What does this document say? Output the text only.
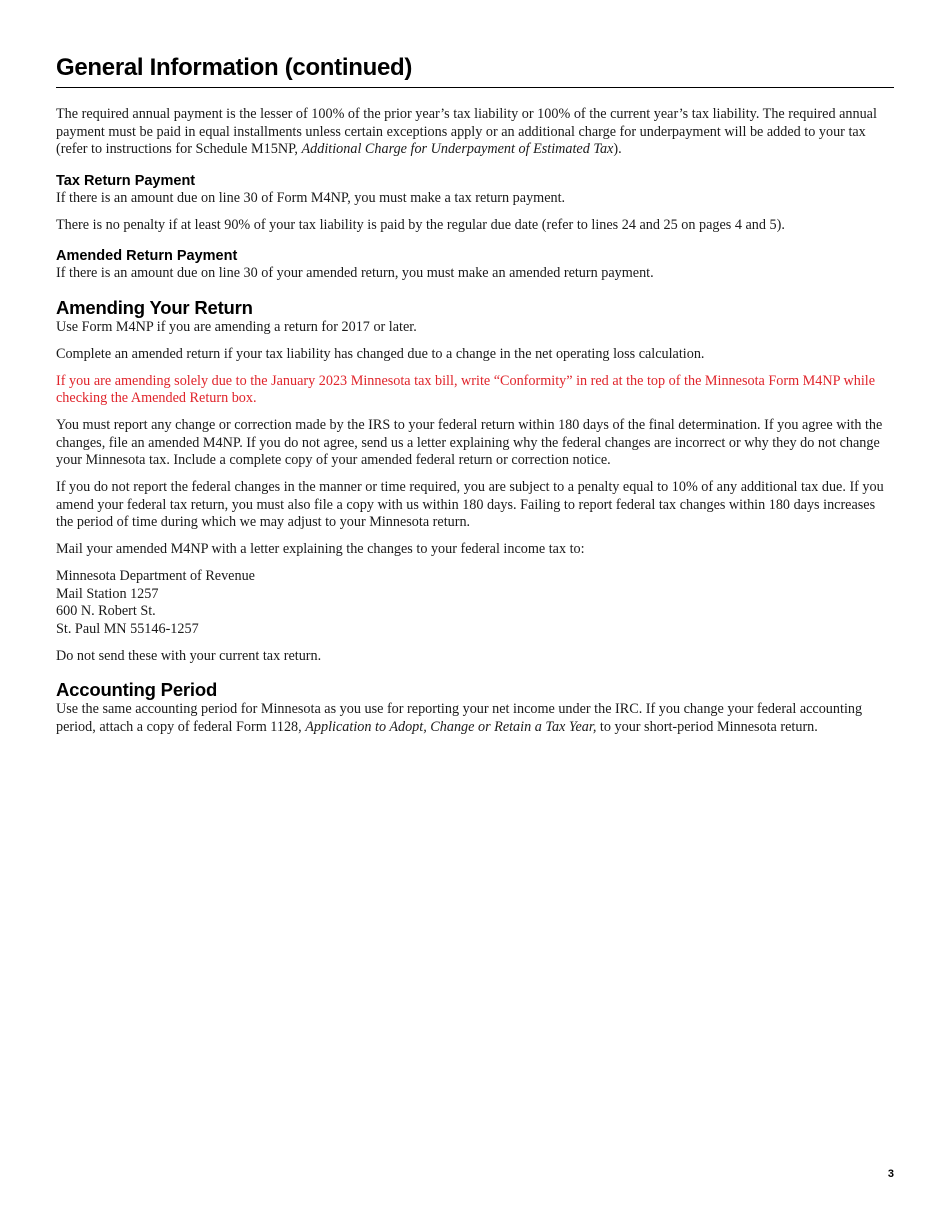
General Information (continued)

The required annual payment is the lesser of 100% of the prior year’s tax liability or 100% of the current year’s tax liability. The required annual payment must be paid in equal installments unless certain exceptions apply or an additional charge for underpayment will be added to your tax (refer to instructions for Schedule M15NP, Additional Charge for Underpayment of Estimated Tax).

Tax Return Payment

If there is an amount due on line 30 of Form M4NP, you must make a tax return payment.

There is no penalty if at least 90% of your tax liability is paid by the regular due date (refer to lines 24 and 25 on pages 4 and 5).

Amended Return Payment

If there is an amount due on line 30 of your amended return, you must make an amended return payment.

Amending Your Return

Use Form M4NP if you are amending a return for 2017 or later.

Complete an amended return if your tax liability has changed due to a change in the net operating loss calculation.

If you are amending solely due to the January 2023 Minnesota tax bill, write “Conformity” in red at the top of the Minnesota Form M4NP while checking the Amended Return box.

You must report any change or correction made by the IRS to your federal return within 180 days of the final determination. If you agree with the changes, file an amended M4NP. If you do not agree, send us a letter explaining why the federal changes are incorrect or why they do not change your Minnesota tax. Include a complete copy of your amended federal return or correction notice.

If you do not report the federal changes in the manner or time required, you are subject to a penalty equal to 10% of any additional tax due. If you amend your federal tax return, you must also file a copy with us within 180 days. Failing to report federal tax changes within 180 days increases the period of time during which we may adjust to your Minnesota return.

Mail your amended M4NP with a letter explaining the changes to your federal income tax to:

Minnesota Department of Revenue
Mail Station 1257
600 N. Robert St.
St. Paul MN 55146-1257

Do not send these with your current tax return.

Accounting Period

Use the same accounting period for Minnesota as you use for reporting your net income under the IRC. If you change your federal accounting period, attach a copy of federal Form 1128, Application to Adopt, Change or Retain a Tax Year, to your short-period Minnesota return.

3
